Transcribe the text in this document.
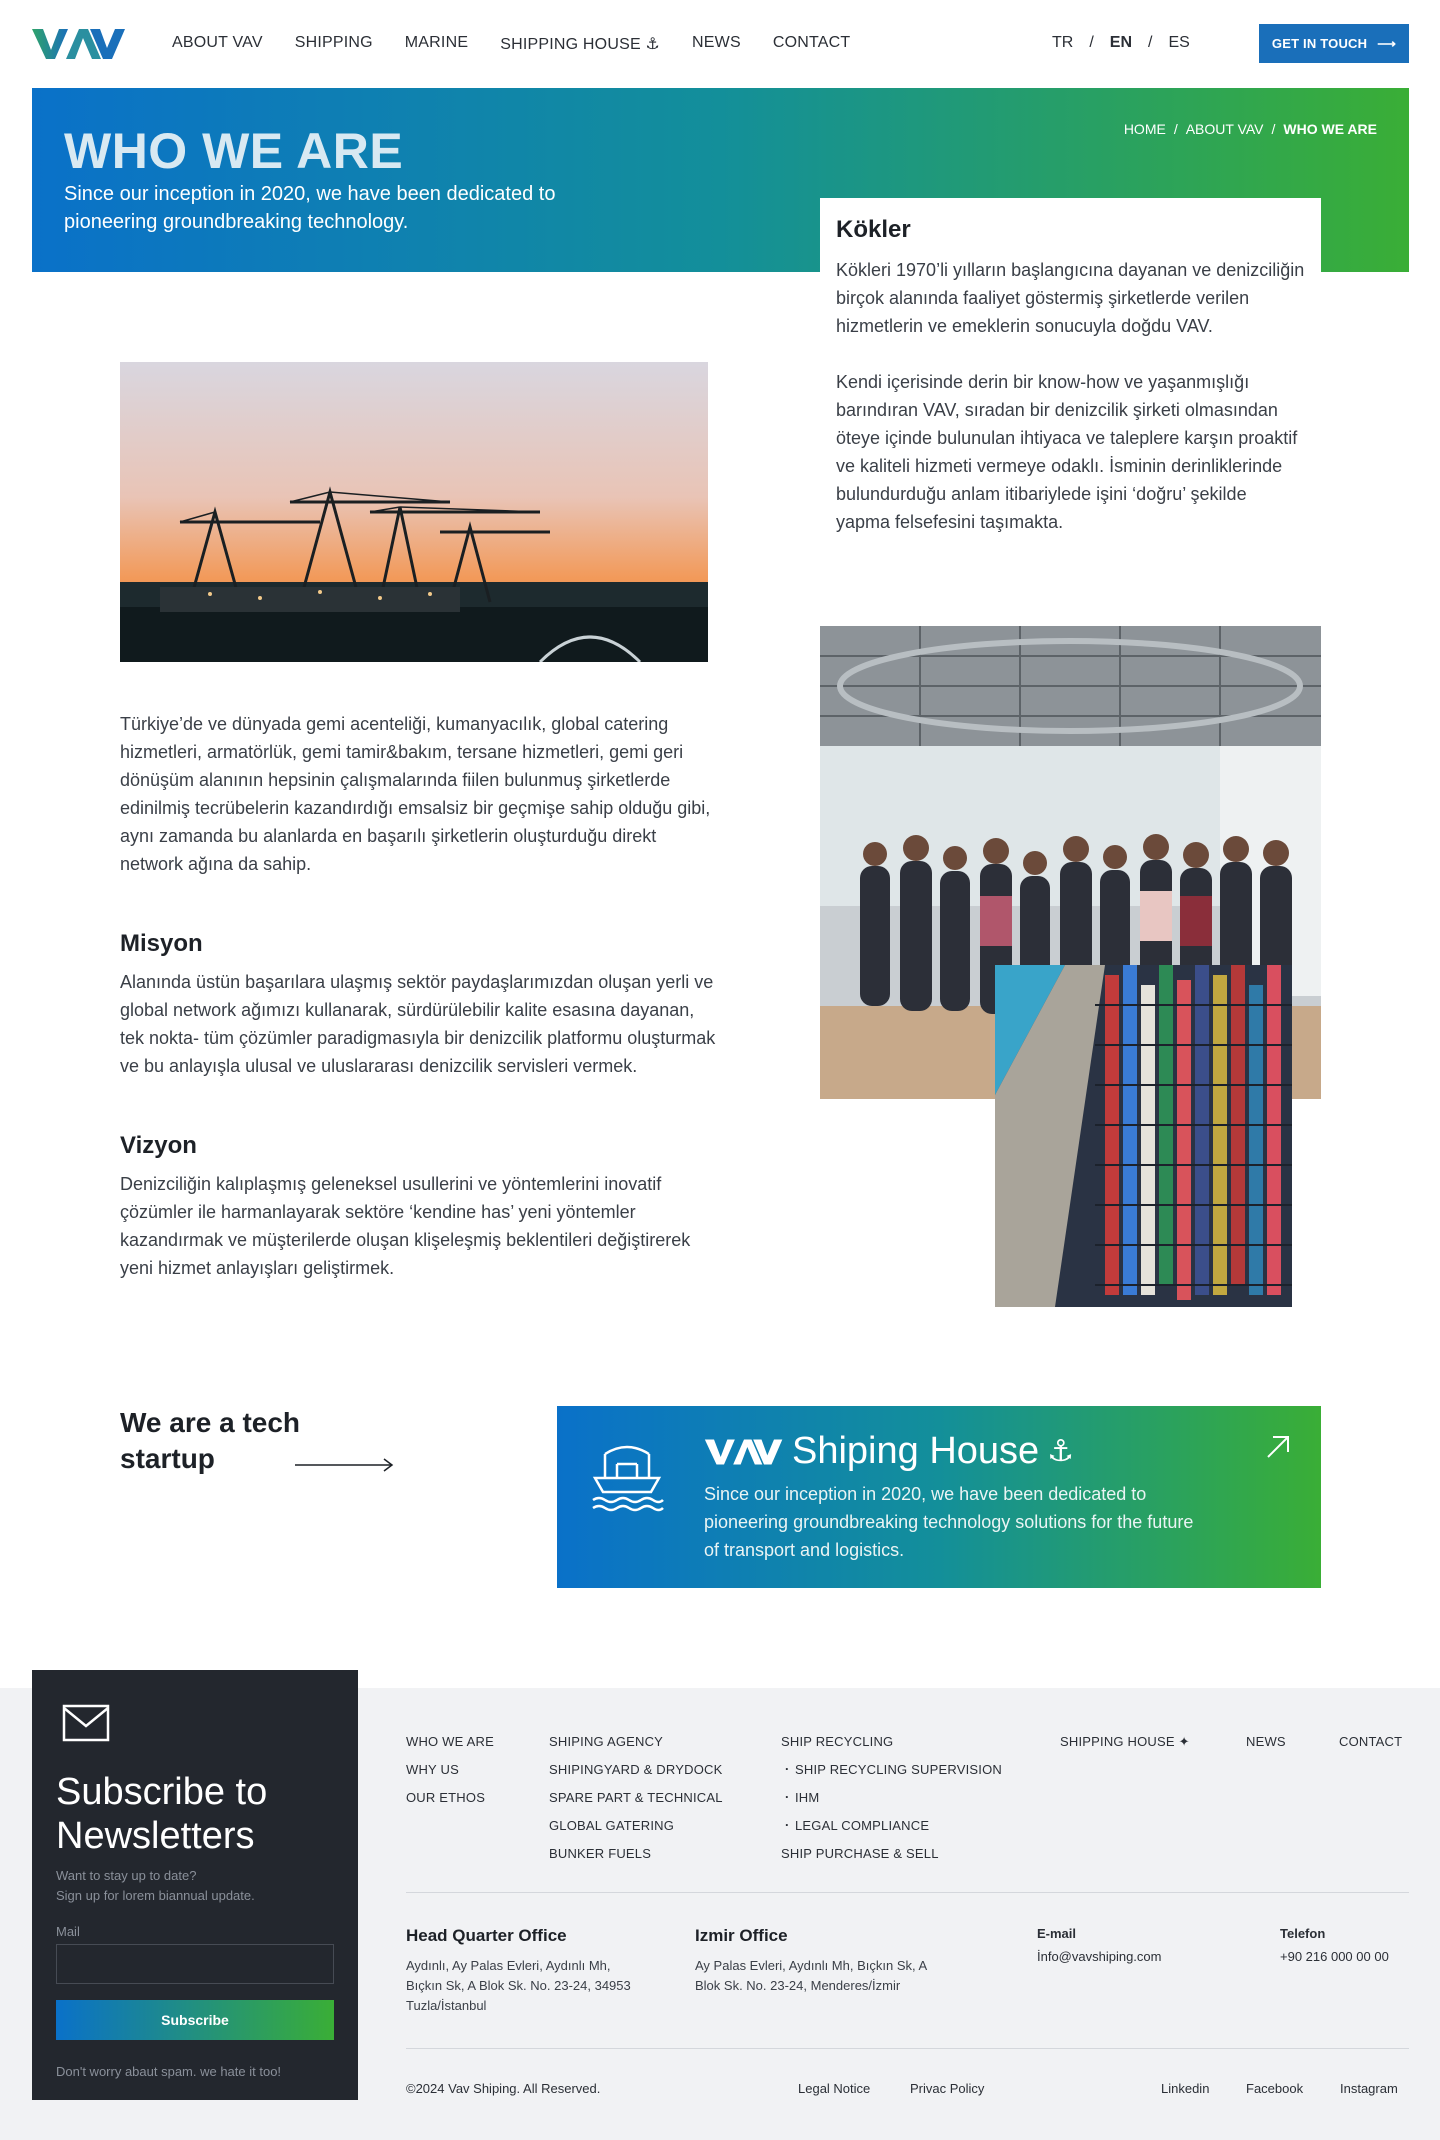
ABOUT VAV SHIPPING MARINE SHIPPING HOUSE ⚓ NEWS CONTACT	TR / EN / ES	GET IN TOUCH ⟶
WHO WE ARE

Since our inception in 2020, we have been dedicated to pioneering groundbreaking technology.

HOME / ABOUT VAV / WHO WE ARE
Kökler

Kökleri 1970’li yılların başlangıcına dayanan ve denizciliğin birçok alanında faaliyet göstermiş şirketlerde verilen hizmetlerin ve emeklerin sonucuyla doğdu VAV.

Kendi içerisinde derin bir know-how ve yaşanmışlığı barındıran VAV, sıradan bir denizcilik şirketi olmasından öteye içinde bulunulan ihtiyaca ve taleplere karşın proaktif ve kaliteli hizmeti vermeye odaklı. İsminin derinliklerinde bulundurduğu anlam itibariylede işini ‘doğru’ şekilde yapma felsefesini taşımakta.

Türkiye’de ve dünyada gemi acenteliği, kumanyacılık, global catering hizmetleri, armatörlük, gemi tamir&bakım, tersane hizmetleri, gemi geri dönüşüm alanının hepsinin çalışmalarında fiilen bulunmuş şirketlerde edinilmiş tecrübelerin kazandırdığı emsalsiz bir geçmişe sahip olduğu gibi, aynı zamanda bu alanlarda en başarılı şirketlerin oluşturduğu direkt network ağına da sahip.

Misyon

Alanında üstün başarılara ulaşmış sektör paydaşlarımızdan oluşan yerli ve global network ağımızı kullanarak, sürdürülebilir kalite esasına dayanan, tek nokta- tüm çözümler paradigmasıyla bir denizcilik platformu oluşturmak ve bu anlayışla ulusal ve uluslararası denizcilik servisleri vermek.

Vizyon

Denizciliğin kalıplaşmış geleneksel usullerini ve yöntemlerini inovatif çözümler ile harmanlayarak sektöre ‘kendine has’ yeni yöntemler kazandırmak ve müşterilerde oluşan klişeleşmiş beklentileri değiştirerek yeni hizmet anlayışları geliştirmek.

We are a tech startup	Shiping House ⚓

Since our inception in 2020, we have been dedicated to pioneering groundbreaking technology solutions for the future of transport and logistics.

Subscribe to Newsletters
Want to stay up to date?
Sign up for lorem biannual update.
Mail
Subscribe
Don't worry abaut spam. we hate it too!
WHO WE ARE
WHY US
OUR ETHOS
SHIPING AGENCY
SHIPINGYARD & DRYDOCK
SPARE PART & TECHNICAL
GLOBAL GATERING
BUNKER FUELS
SHIP RECYCLING
. SHIP RECYCLING SUPERVISION
. IHM
. LEGAL COMPLIANCE
SHIP PURCHASE & SELL
SHIPPING HOUSE ✦	NEWS	CONTACT
Head Quarter Office

Aydınlı, Ay Palas Evleri, Aydınlı Mh, Bıçkın Sk, A Blok Sk. No. 23-24, 34953 Tuzla/İstanbul

Izmir Office

Ay Palas Evleri, Aydınlı Mh, Bıçkın Sk, A Blok Sk. No. 23-24, Menderes/İzmir

E-mail
İnfo@vavshiping.com
Telefon
+90 216 000 00 00
©2024 Vav Shiping. All Reserved.	Legal Notice	Privac Policy	Linkedin	Facebook	Instagram
